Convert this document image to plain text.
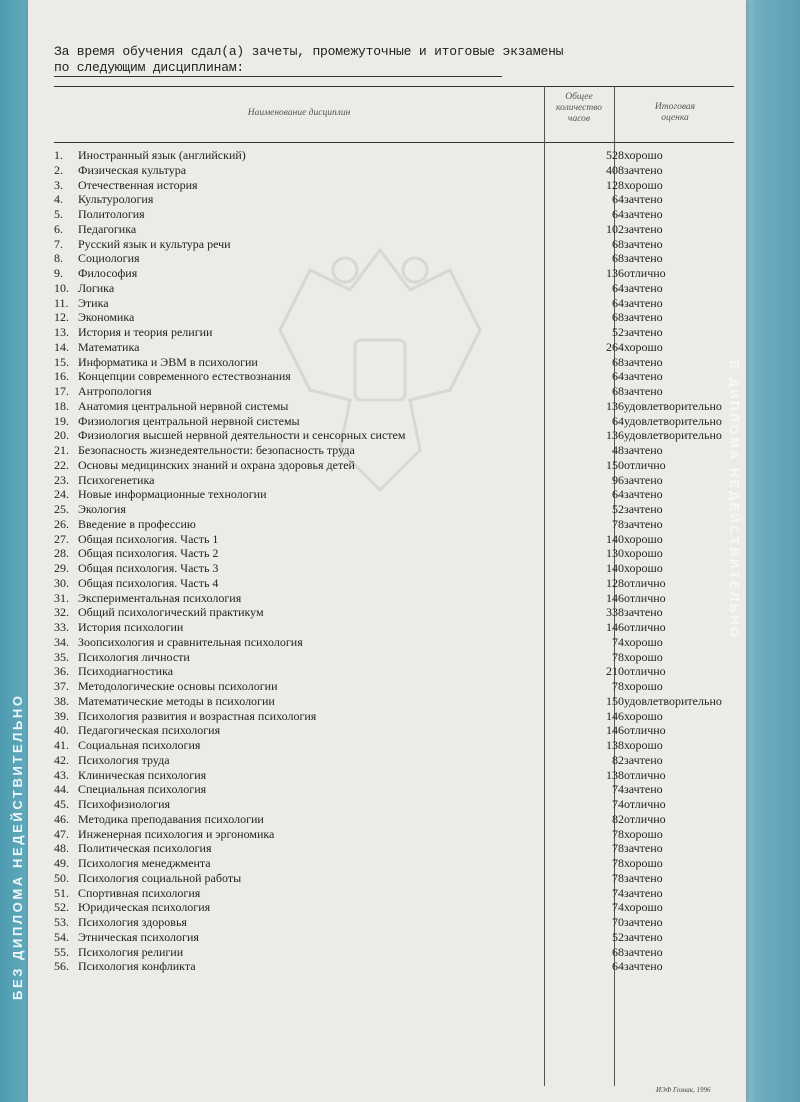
БЕЗ ДИПЛОМА НЕДЕЙСТВИТЕЛЬНО
Б ДИПЛОМА НЕДЕЙСТВИТЕЛЬНО
За время обучения сдал(а) зачеты, промежуточные и итоговые экзамены
по следующим дисциплинам:
Наименование дисциплин
Общее
количество
часов
Итоговая
оценка
1.	Иностранный язык (английский)	528 хорошо
2.	Физическая культура	408 зачтено
3.	Отечественная история	128 хорошо
4.	Культурология	64 зачтено
5.	Политология	64 зачтено
6.	Педагогика	102 зачтено
7.	Русский язык и культура речи	68 зачтено
8.	Социология	68 зачтено
9.	Философия	136 отлично
10. Логика	64 зачтено
11. Этика	64 зачтено
12. Экономика	68 зачтено
13. История и теория религии	52 зачтено
14. Математика	264 хорошо
15. Информатика и ЭВМ в психологии	68 зачтено
16. Концепции современного естествознания	64 зачтено
17. Антропология	68 зачтено
18. Анатомия центральной нервной системы	136 удовлетворительно
19. Физиология центральной нервной системы	64 удовлетворительно
20. Физиология высшей нервной деятельности и сенсорных систем	136 удовлетворительно
21. Безопасность жизнедеятельности: безопасность труда	48 зачтено
22. Основы медицинских знаний и охрана здоровья детей	150 отлично
23. Психогенетика	96 зачтено
24. Новые информационные технологии	64 зачтено
25. Экология	52 зачтено
26. Введение в профессию	78 зачтено
27. Общая психология. Часть 1	140 хорошо
28. Общая психология. Часть 2	130 хорошо
29. Общая психология. Часть 3	140 хорошо
30. Общая психология. Часть 4	128 отлично
31. Экспериментальная психология	146 отлично
32. Общий психологический практикум	338 зачтено
33. История психологии	146 отлично
34. Зоопсихология и сравнительная психология	74 хорошо
35. Психология личности	78 хорошо
36. Психодиагностика	210 отлично
37. Методологические основы психологии	78 хорошо
38. Математические методы в психологии	150 удовлетворительно
39. Психология развития и возрастная психология	146 хорошо
40. Педагогическая психология	146 отлично
41. Социальная психология	138 хорошо
42. Психология труда	82 зачтено
43. Клиническая психология	138 отлично
44. Специальная психология	74 зачтено
45. Психофизиология	74 отлично
46. Методика преподавания психологии	82 отлично
47. Инженерная психология и эргономика	78 хорошо
48. Политическая психология	78 зачтено
49. Психология менеджмента	78 хорошо
50. Психология социальной работы	78 зачтено
51. Спортивная психология	74 зачтено
52. Юридическая психология	74 хорошо
53. Психология здоровья	70 зачтено
54. Этническая психология	52 зачтено
55. Психология религии	68 зачтено
56. Психология конфликта	64 зачтено
ИЭФ Гознак, 1996
